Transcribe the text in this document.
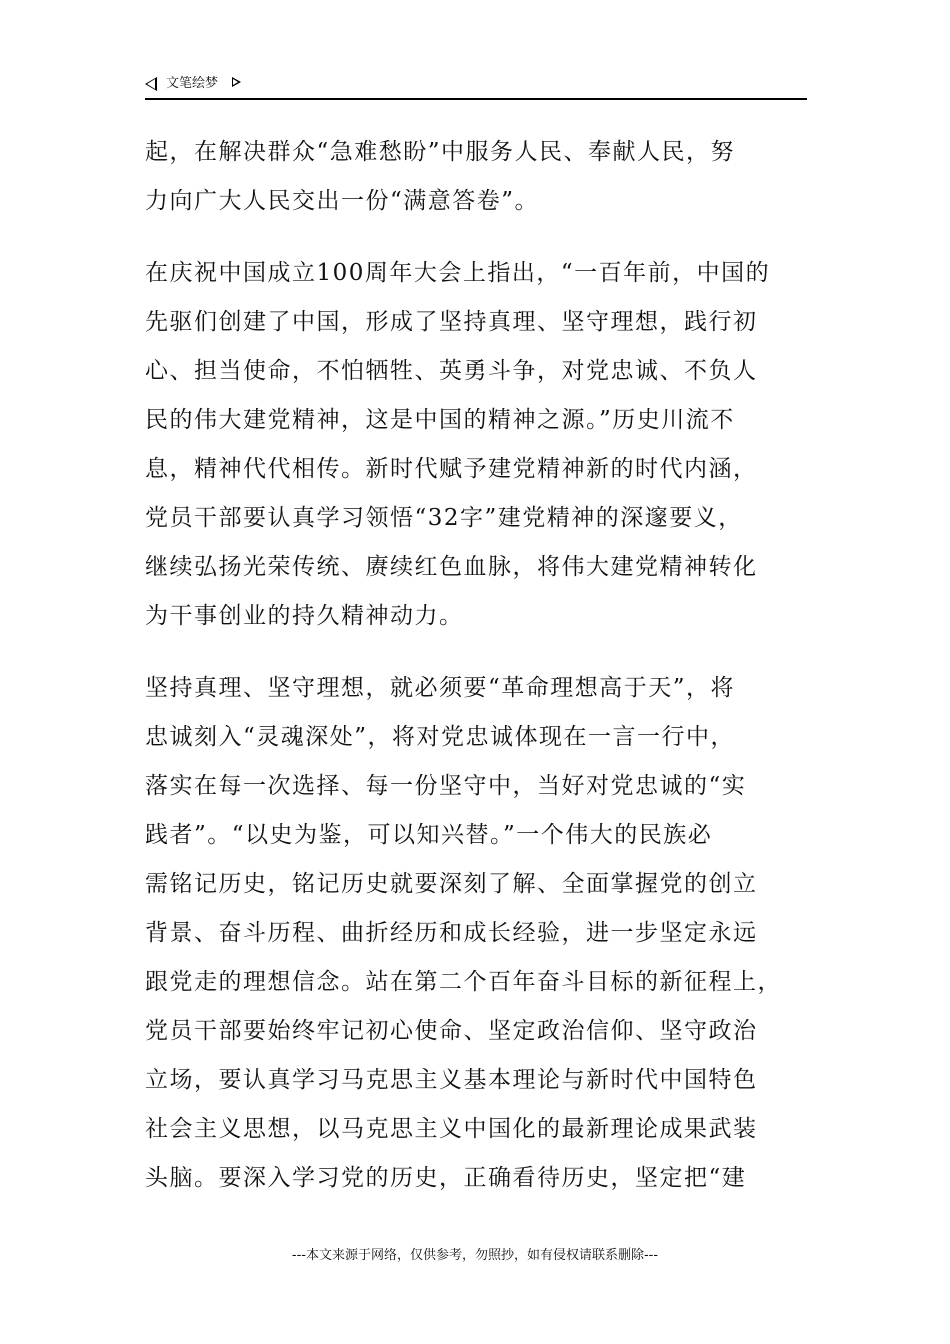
文笔绘梦

起，在解决群众“急难愁盼”中服务人民、奉献人民，努
力向广大人民交出一份“满意答卷”。

在庆祝中国成立100周年大会上指出，“一百年前，中国的
先驱们创建了中国，形成了坚持真理、坚守理想，践行初
心、担当使命，不怕牺牲、英勇斗争，对党忠诚、不负人
民的伟大建党精神，这是中国的精神之源。”历史川流不
息，精神代代相传。新时代赋予建党精神新的时代内涵，
党员干部要认真学习领悟“32字”建党精神的深邃要义，
继续弘扬光荣传统、赓续红色血脉，将伟大建党精神转化
为干事创业的持久精神动力。

坚持真理、坚守理想，就必须要“革命理想高于天”，将
忠诚刻入“灵魂深处”，将对党忠诚体现在一言一行中，
落实在每一次选择、每一份坚守中，当好对党忠诚的“实
践者”。“以史为鉴，可以知兴替。”一个伟大的民族必
需铭记历史，铭记历史就要深刻了解、全面掌握党的创立
背景、奋斗历程、曲折经历和成长经验，进一步坚定永远
跟党走的理想信念。站在第二个百年奋斗目标的新征程上，
党员干部要始终牢记初心使命、坚定政治信仰、坚守政治
立场，要认真学习马克思主义基本理论与新时代中国特色
社会主义思想，以马克思主义中国化的最新理论成果武装
头脑。要深入学习党的历史，正确看待历史，坚定把“建

---本文来源于网络，仅供参考，勿照抄，如有侵权请联系删除---
